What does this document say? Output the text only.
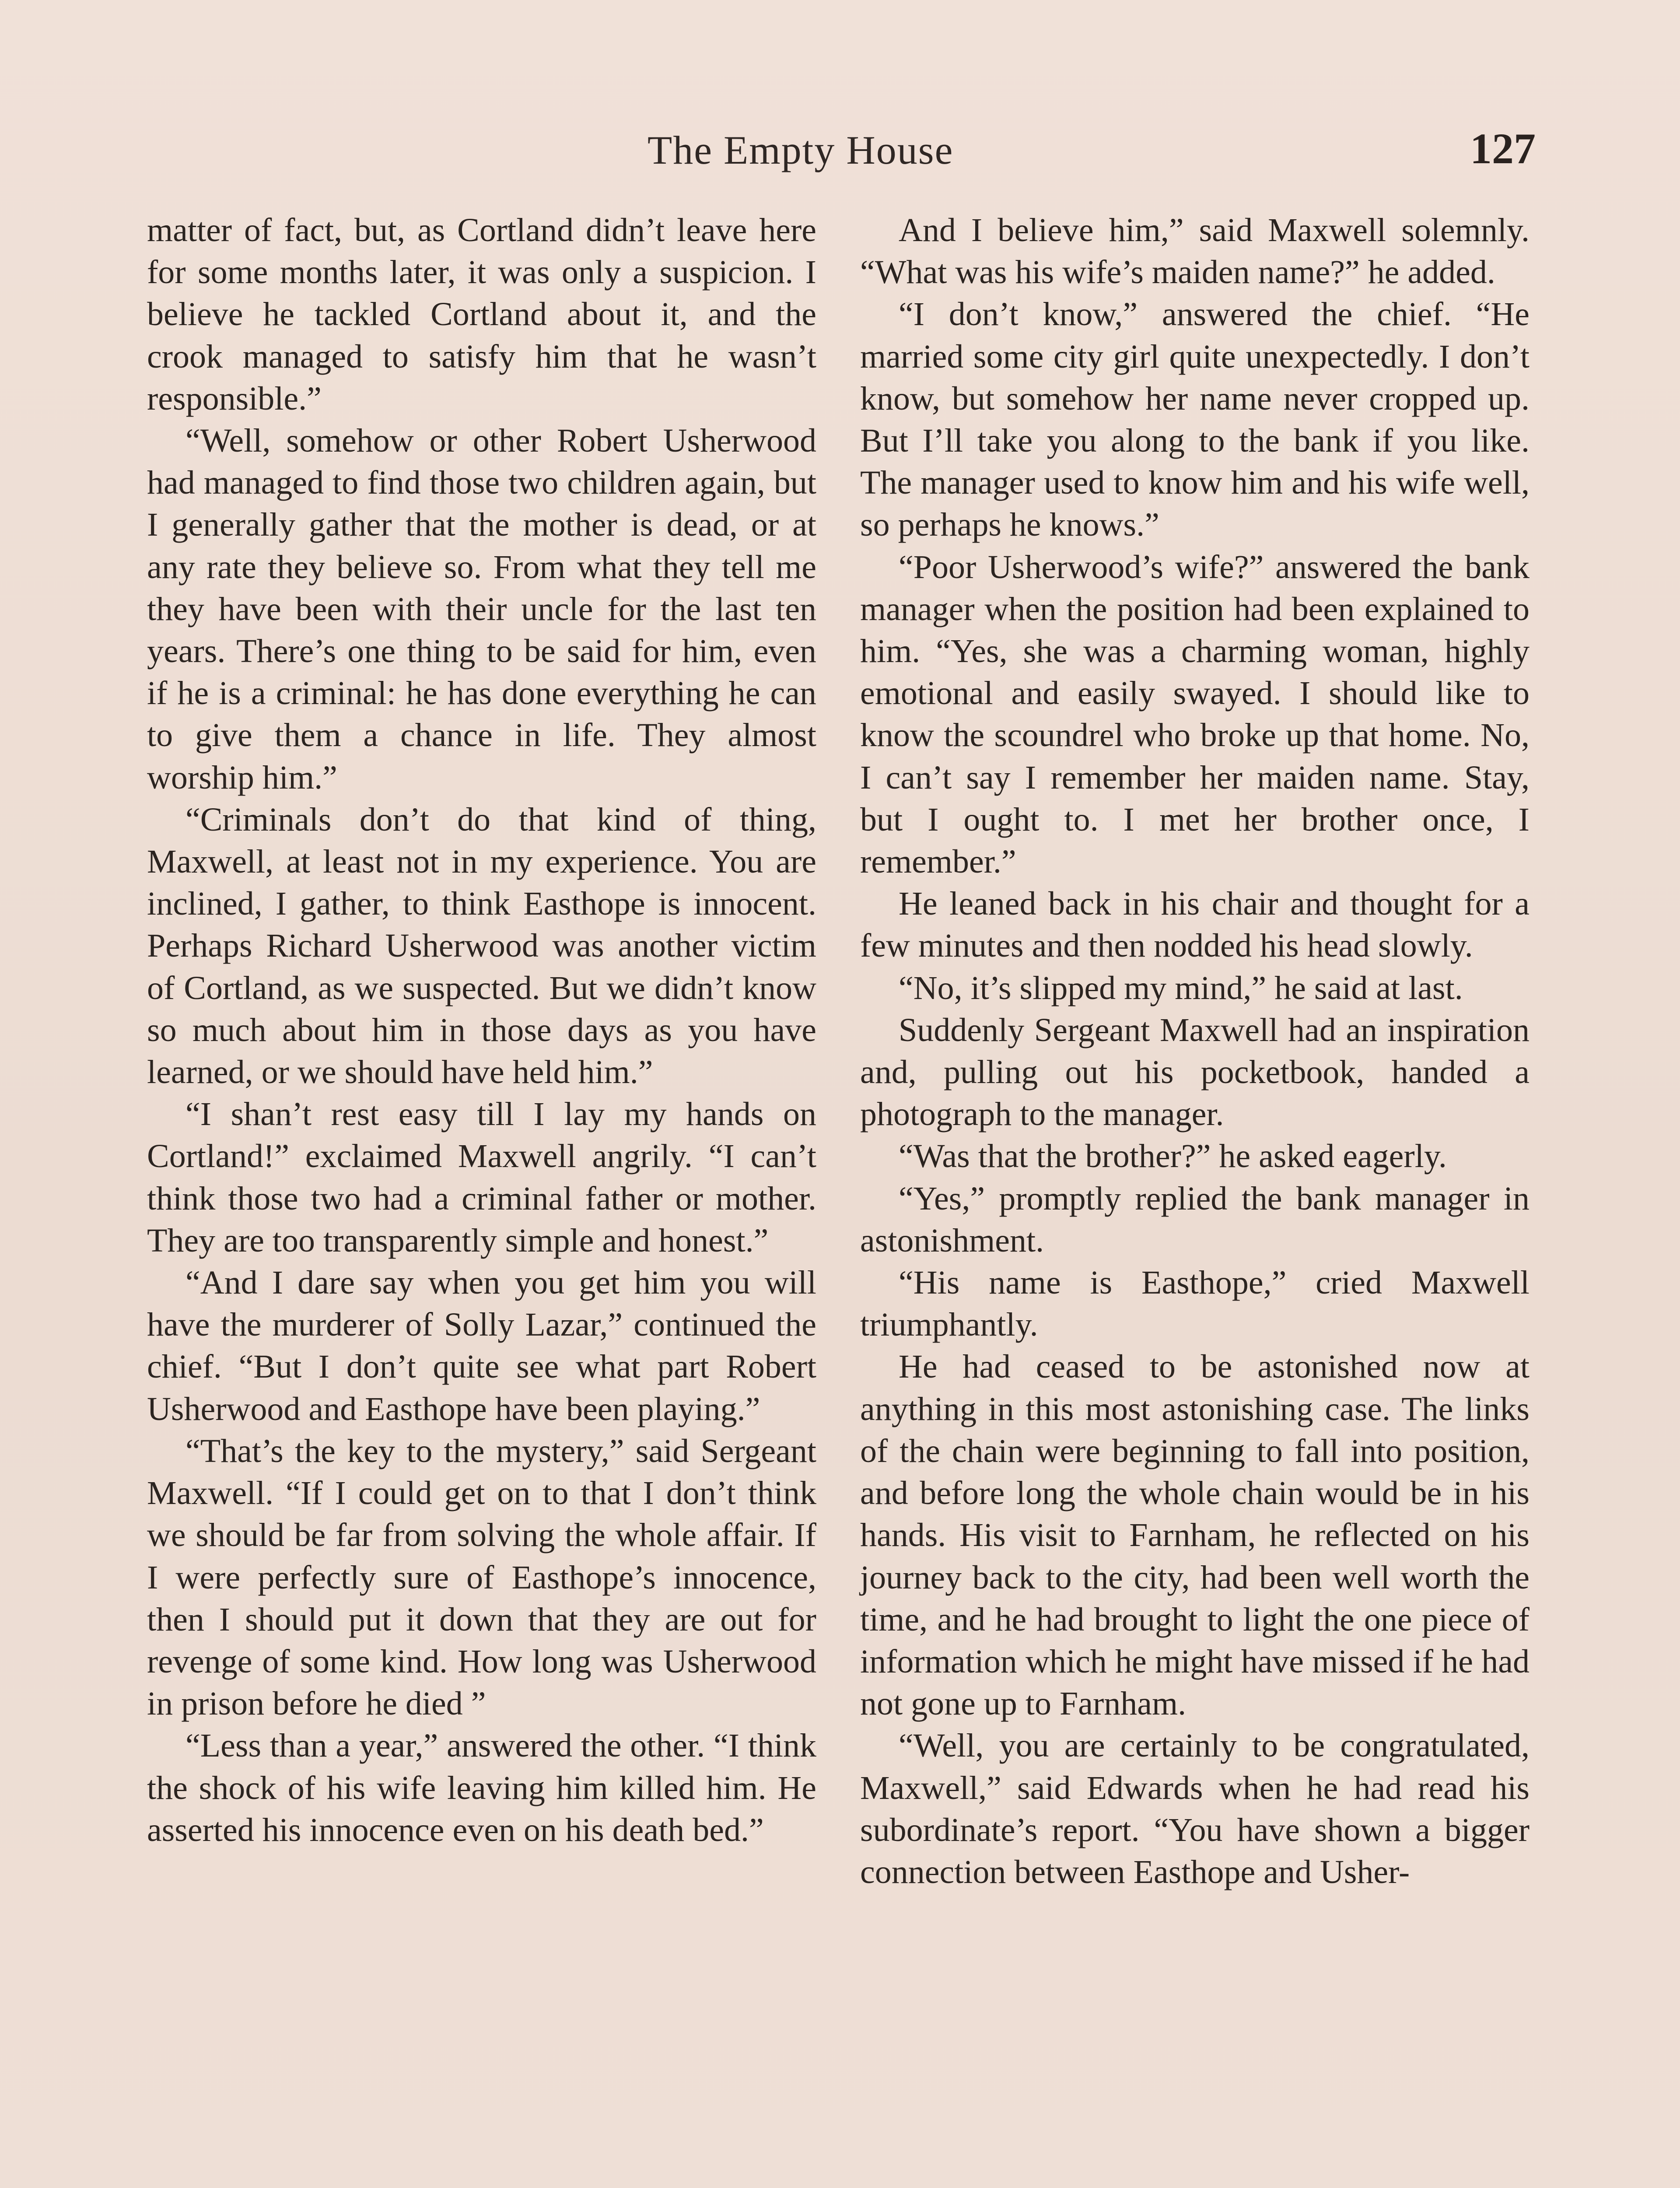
The Empty House	127

matter of fact, but, as Cortland didn’t leave here for some months later, it was only a suspicion. I believe he tackled Cortland about it, and the crook managed to satisfy him that he wasn’t responsible.”

“Well, somehow or other Robert Usherwood had managed to find those two children again, but I generally gather that the mother is dead, or at any rate they believe so. From what they tell me they have been with their uncle for the last ten years. There’s one thing to be said for him, even if he is a criminal: he has done everything he can to give them a chance in life. They almost worship him.”

“Criminals don’t do that kind of thing, Maxwell, at least not in my experience. You are inclined, I gather, to think Easthope is innocent. Perhaps Richard Usherwood was another victim of Cortland, as we suspected. But we didn’t know so much about him in those days as you have learned, or we should have held him.”

“I shan’t rest easy till I lay my hands on Cortland!” exclaimed Maxwell angrily. “I can’t think those two had a criminal father or mother. They are too transparently simple and honest.”

“And I dare say when you get him you will have the murderer of Solly Lazar,” continued the chief. “But I don’t quite see what part Robert Usherwood and Easthope have been playing.”

“That’s the key to the mystery,” said Sergeant Maxwell. “If I could get on to that I don’t think we should be far from solving the whole affair. If I were perfectly sure of Easthope’s innocence, then I should put it down that they are out for revenge of some kind. How long was Usherwood in prison before he died ”

“Less than a year,” answered the other. “I think the shock of his wife leaving him killed him. He asserted his innocence even on his death bed.”

And I believe him,” said Maxwell solemnly. “What was his wife’s maiden name?” he added.

“I don’t know,” answered the chief. “He married some city girl quite unexpectedly. I don’t know, but somehow her name never cropped up. But I’ll take you along to the bank if you like. The manager used to know him and his wife well, so perhaps he knows.”

“Poor Usherwood’s wife?” answered the bank manager when the position had been explained to him. “Yes, she was a charming woman, highly emotional and easily swayed. I should like to know the scoundrel who broke up that home. No, I can’t say I remember her maiden name. Stay, but I ought to. I met her brother once, I remember.”

He leaned back in his chair and thought for a few minutes and then nodded his head slowly.

“No, it’s slipped my mind,” he said at last.

Suddenly Sergeant Maxwell had an inspiration and, pulling out his pocketbook, handed a photograph to the manager.

“Was that the brother?” he asked eagerly.

“Yes,” promptly replied the bank manager in astonishment.

“His name is Easthope,” cried Maxwell triumphantly.

He had ceased to be astonished now at anything in this most astonishing case. The links of the chain were beginning to fall into position, and before long the whole chain would be in his hands. His visit to Farnham, he reflected on his journey back to the city, had been well worth the time, and he had brought to light the one piece of information which he might have missed if he had not gone up to Farnham.

“Well, you are certainly to be congratulated, Maxwell,” said Edwards when he had read his subordinate’s report. “You have shown a bigger connection between Easthope and Usher-
